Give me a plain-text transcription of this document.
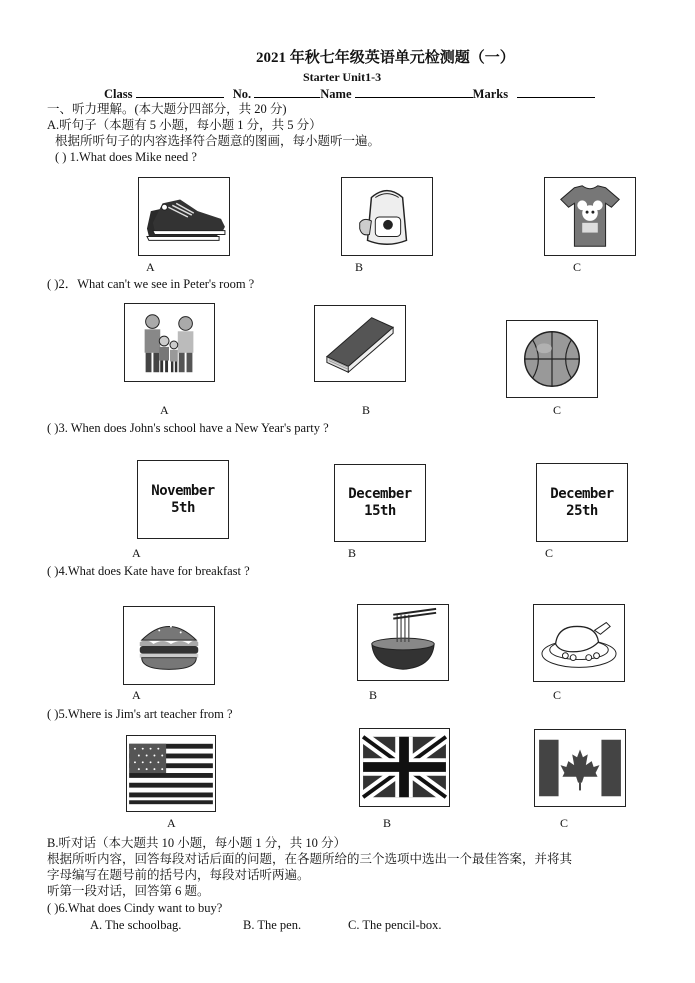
2021 年秋七年级英语单元检测题（一）
Starter Unit1-3
Class	No.	Name	Marks
一、听力理解。(本大题分四部分，共 20 分)
A.听句子（本题有 5 小题，每小题 1 分，共 5 分）
根据所听句子的内容选择符合题意的图画，每小题听一遍。
( ) 1.What does Mike need ?
A	B	C
( )2．What can't we see in Peter's room ?
A	B	C
( )3. When does John's school have a New Year's party ?
November
5th
December
15th
December
25th
A	B	C
( )4.What does Kate have for breakfast ?
A	B	C
( )5.Where is Jim's art teacher from ?
A	B	C
B.听对话（本大题共 10 小题，每小题 1 分，共 10 分）
根据所听内容，回答每段对话后面的问题，在各题所给的三个选项中选出一个最佳答案，并将其
字母编写在题号前的括号内，每段对话听两遍。
听第一段对话，回答第 6 题。
( )6.What does Cindy want to buy?
A. The schoolbag.	B. The pen.	C. The pencil-box.
